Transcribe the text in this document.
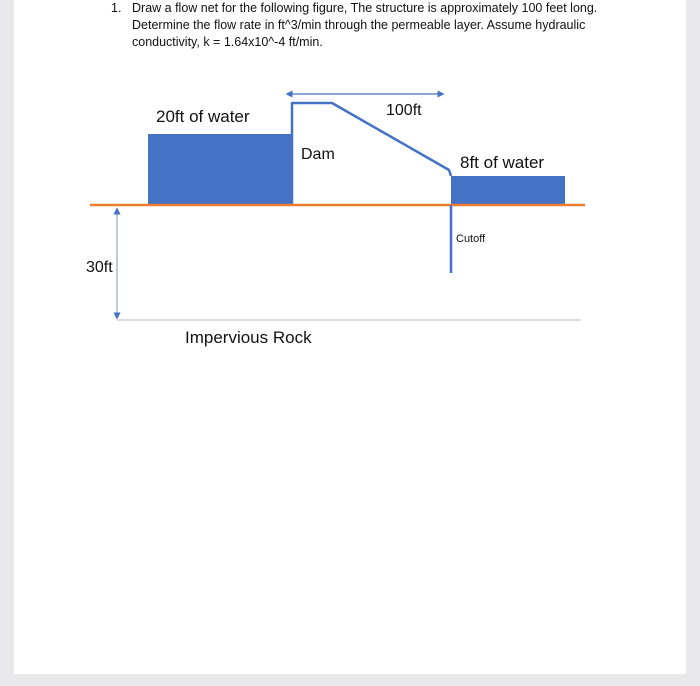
1. Draw a flow net for the following figure, The structure is approximately 100 feet long.
Determine the flow rate in ft^3/min through the permeable layer. Assume hydraulic
conductivity, k = 1.64x10^-4 ft/min.
20ft of water
Dam
100ft
8ft of water
Cutoff
30ft
Impervious Rock
